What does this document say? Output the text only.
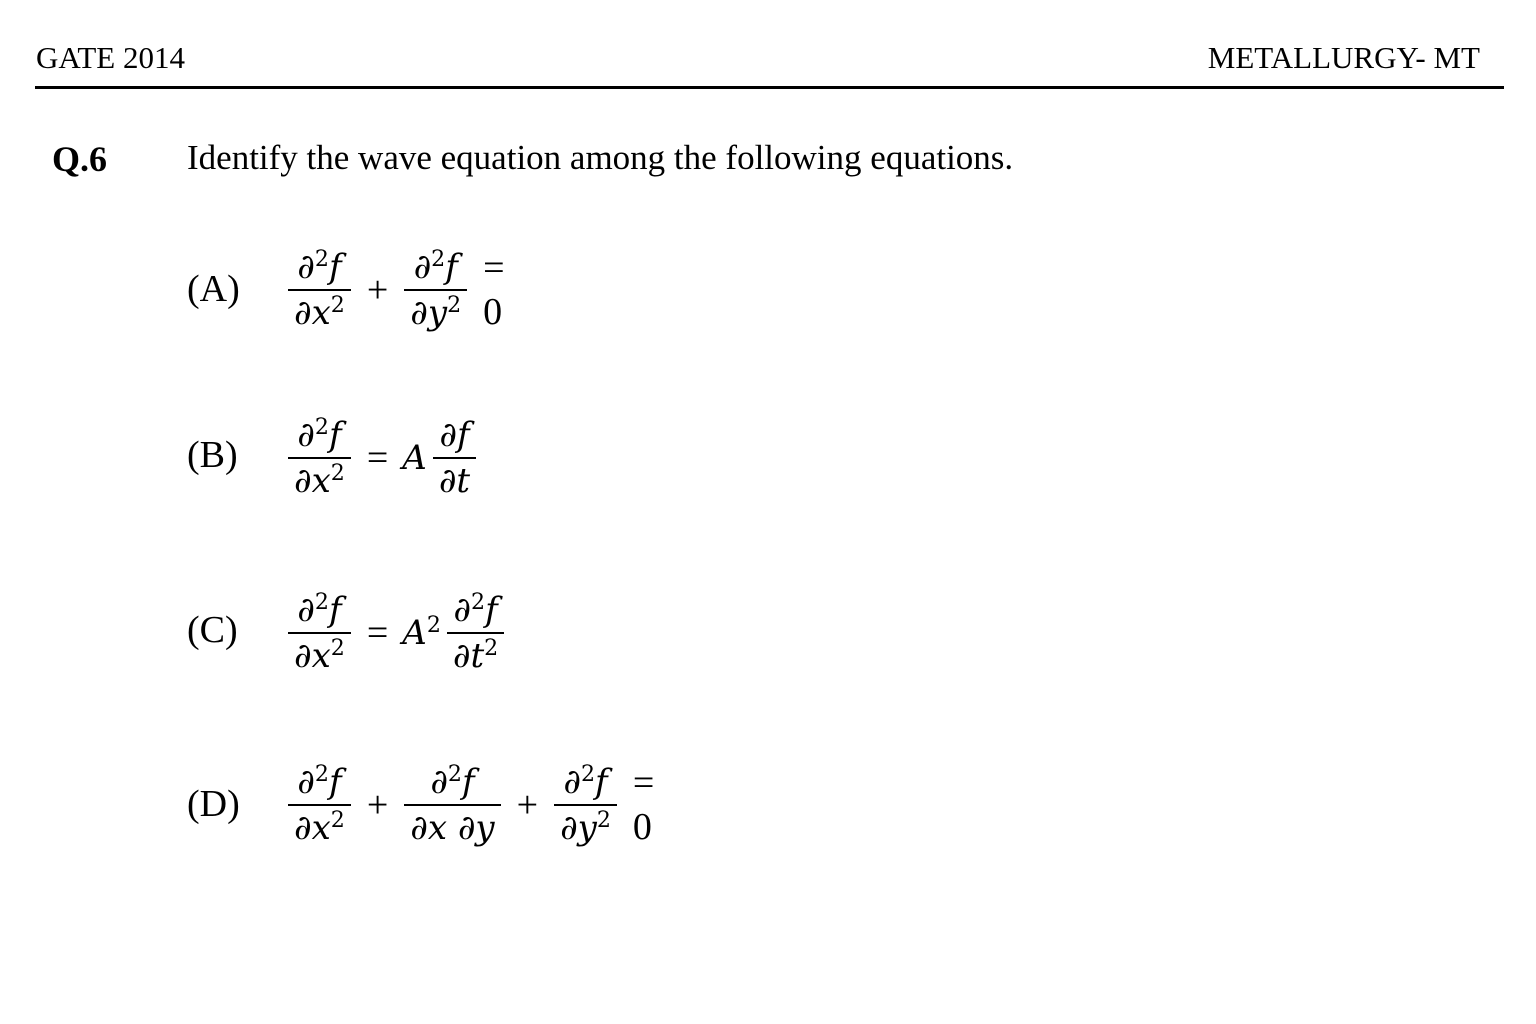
GATE 2014	METALLURGY- MT
Q.6 Identify the wave equation among the following equations.
$(A) \frac{\partial^2f}{\partial x^2} + \frac{\partial^2f}{\partial y^2} = 0$
$(B) \frac{\partial^2f}{\partial x^2} = A \frac{\partial f}{\partial t}$
$(C) \frac{\partial^2f}{\partial x^2} = A^2 \frac{\partial^2f}{\partial t^2}$
$(D) \frac{\partial^2f}{\partial x^2} + \frac{\partial^2f}{\partial x \partial y} + \frac{\partial^2f}{\partial y^2} = 0$
